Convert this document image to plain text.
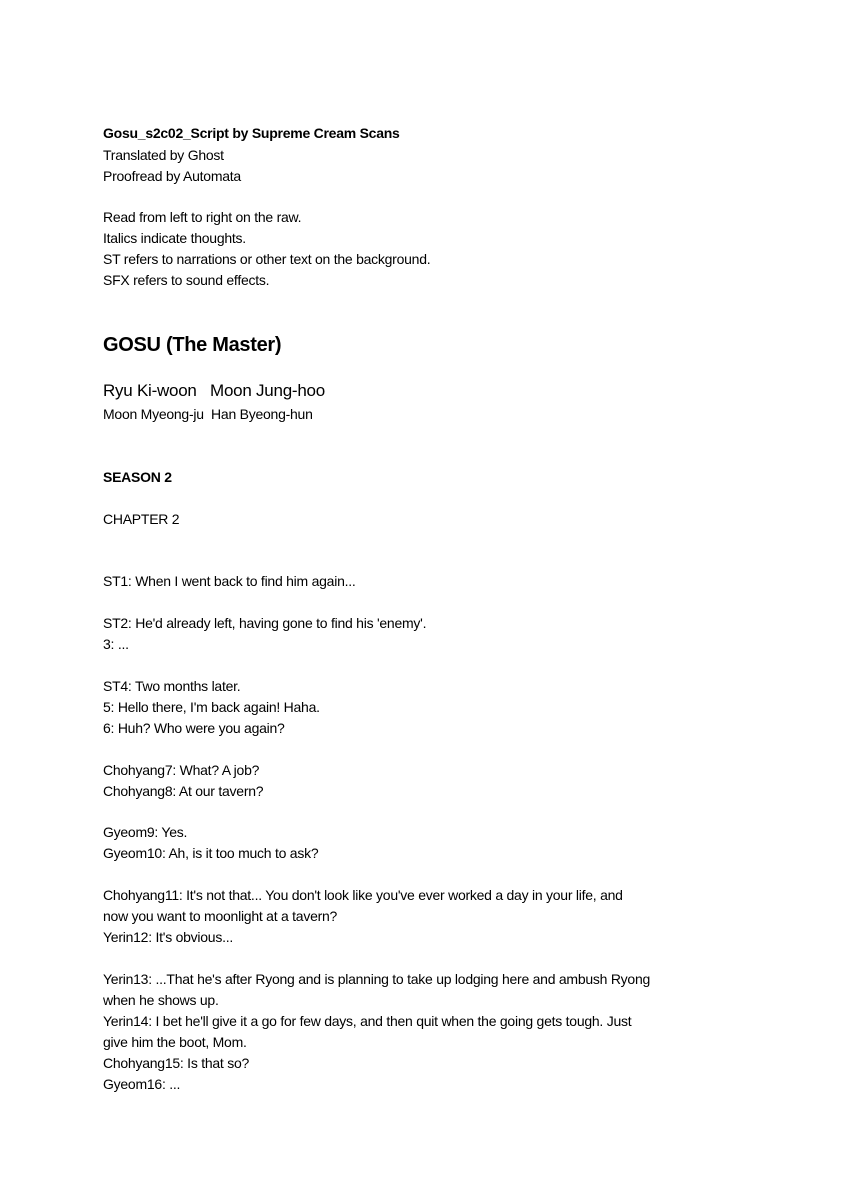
Gosu_s2c02_Script by Supreme Cream Scans
Translated by Ghost
Proofread by Automata
Read from left to right on the raw.
Italics indicate thoughts.
ST refers to narrations or other text on the background.
SFX refers to sound effects.
GOSU (The Master)
Ryu Ki-woon   Moon Jung-hoo
Moon Myeong-ju  Han Byeong-hun
SEASON 2
CHAPTER 2
ST1: When I went back to find him again...
ST2: He'd already left, having gone to find his 'enemy'.
3: ...
ST4: Two months later.
5: Hello there, I'm back again! Haha.
6: Huh? Who were you again?
Chohyang7: What? A job?
Chohyang8: At our tavern?
Gyeom9: Yes.
Gyeom10: Ah, is it too much to ask?
Chohyang11: It's not that... You don't look like you've ever worked a day in your life, and
now you want to moonlight at a tavern?
Yerin12: It's obvious...
Yerin13: ...That he's after Ryong and is planning to take up lodging here and ambush Ryong
when he shows up.
Yerin14: I bet he'll give it a go for few days, and then quit when the going gets tough. Just
give him the boot, Mom.
Chohyang15: Is that so?
Gyeom16: ...
